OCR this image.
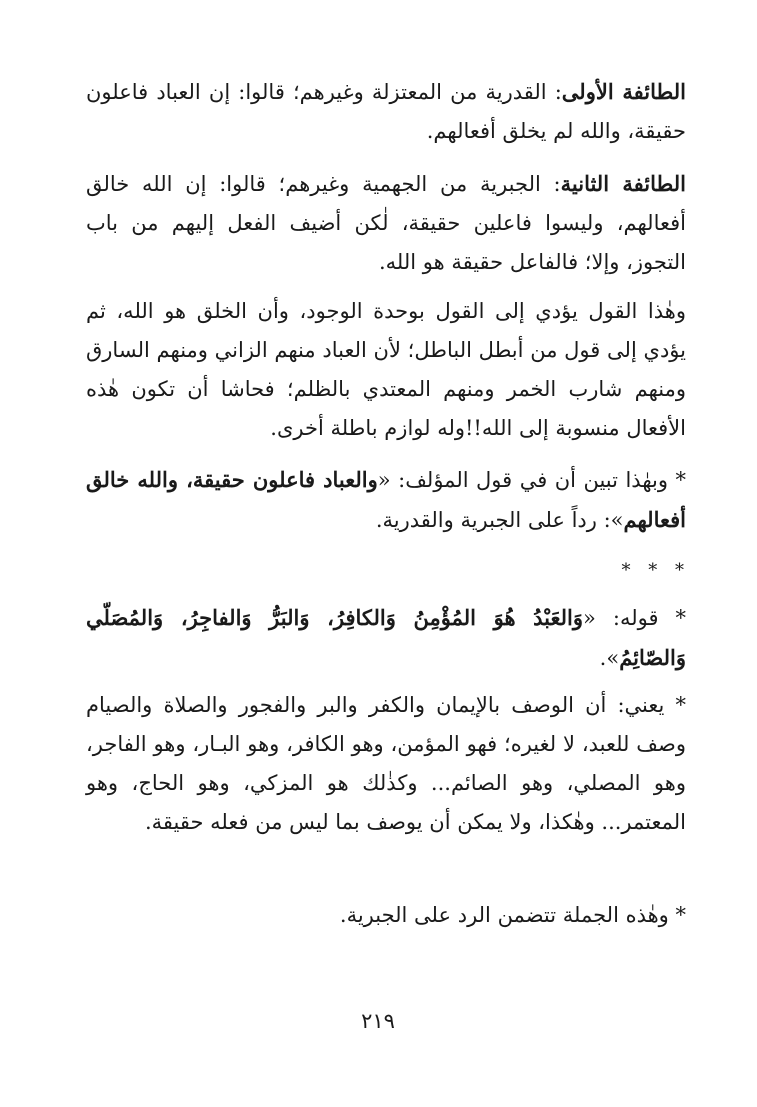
الطائفة الأولى: القدرية من المعتزلة وغيرهم؛ قالوا: إن العباد فاعلون حقيقة، والله لم يخلق أفعالهم.
الطائفة الثانية: الجبرية من الجهمية وغيرهم؛ قالوا: إن الله خالق أفعالهم، وليسوا فاعلين حقيقة، لٰكن أضيف الفعل إليهم من باب التجوز، وإلا؛ فالفاعل حقيقة هو الله.
وهٰذا القول يؤدي إلى القول بوحدة الوجود، وأن الخلق هو الله، ثم يؤدي إلى قول من أبطل الباطل؛ لأن العباد منهم الزاني ومنهم السارق ومنهم شارب الخمر ومنهم المعتدي بالظلم؛ فحاشا أن تكون هٰذه الأفعال منسوبة إلى الله!!وله لوازم باطلة أخرى.
* وبهٰذا تبين أن في قول المؤلف: «والعباد فاعلون حقيقة، والله خالق أفعالهم»: رداً على الجبرية والقدرية.
* * *
* قوله: «وَالعَبْدُ هُوَ المُؤْمِنُ وَالكافِرُ، وَالبَرُّ وَالفاجِرُ، وَالمُصَلّي وَالصّائِمُ».
* يعني: أن الوصف بالإيمان والكفر والبر والفجور والصلاة والصيام وصف للعبد، لا لغيره؛ فهو المؤمن، وهو الكافر، وهو البـار، وهو الفاجر، وهو المصلي، وهو الصائم... وكذٰلك هو المزكي، وهو الحاج، وهو المعتمر... وهٰكذا، ولا يمكن أن يوصف بما ليس من فعله حقيقة.
* وهٰذه الجملة تتضمن الرد على الجبرية.
٢١٩
